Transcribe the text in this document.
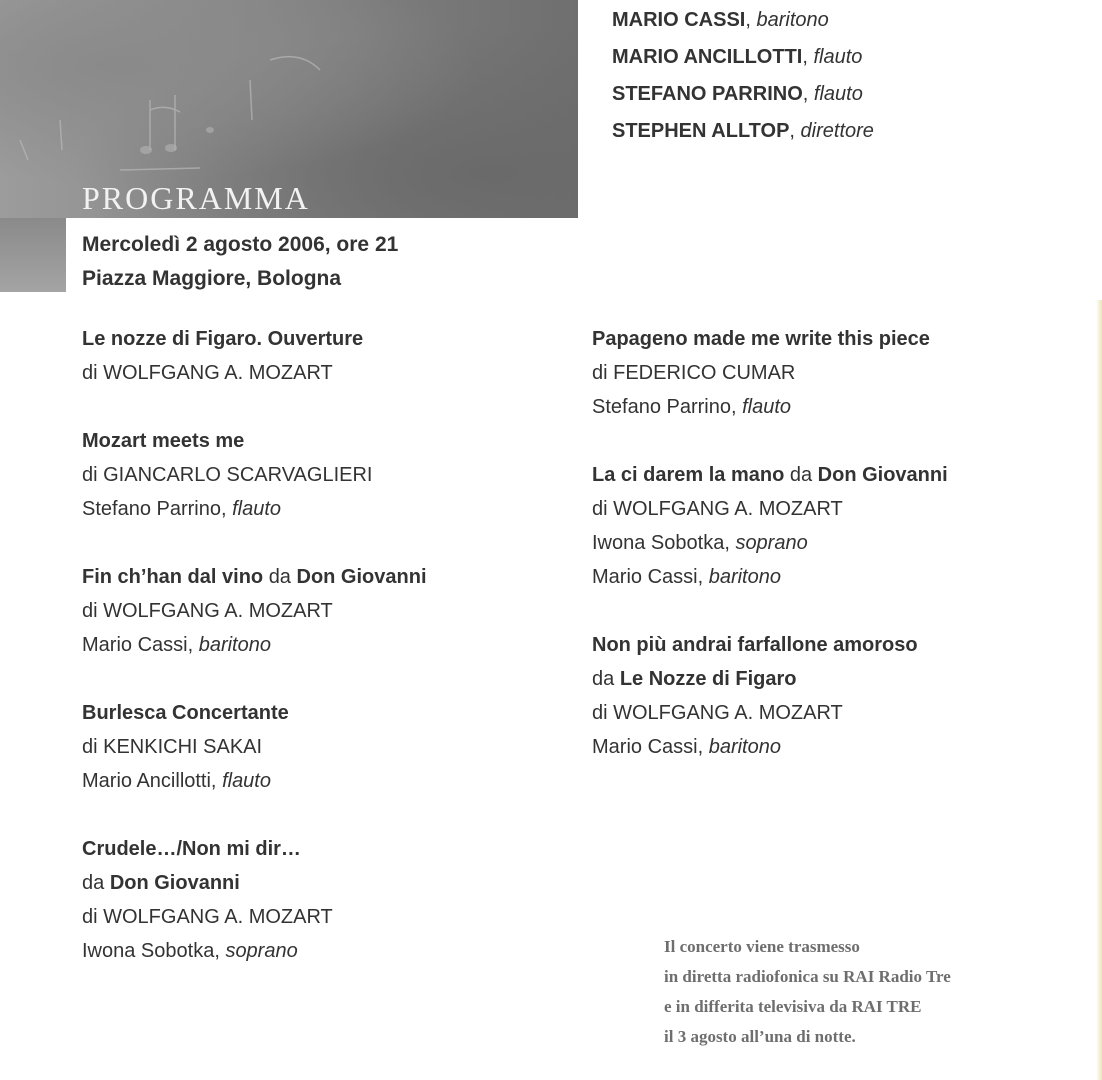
PROGRAMMA
MARIO CASSI, baritono
MARIO ANCILLOTTI, flauto
STEFANO PARRINO, flauto
STEPHEN ALLTOP, direttore
Mercoledì 2 agosto 2006, ore 21
Piazza Maggiore, Bologna
Le nozze di Figaro. Ouverture
di WOLFGANG A. MOZART
Mozart meets me
di GIANCARLO SCARVAGLIERI
Stefano Parrino, flauto
Fin ch’han dal vino da Don Giovanni
di WOLFGANG A. MOZART
Mario Cassi, baritono
Burlesca Concertante
di KENKICHI SAKAI
Mario Ancillotti, flauto
Crudele…/Non mi dir…
da Don Giovanni
di WOLFGANG A. MOZART
Iwona Sobotka, soprano
Papageno made me write this piece
di FEDERICO CUMAR
Stefano Parrino, flauto
La ci darem la mano da Don Giovanni
di WOLFGANG A. MOZART
Iwona Sobotka, soprano
Mario Cassi, baritono
Non più andrai farfallone amoroso
da Le Nozze di Figaro
di WOLFGANG A. MOZART
Mario Cassi, baritono
Il concerto viene trasmesso
in diretta radiofonica su RAI Radio Tre
e in differita televisiva da RAI TRE
il 3 agosto all’una di notte.
